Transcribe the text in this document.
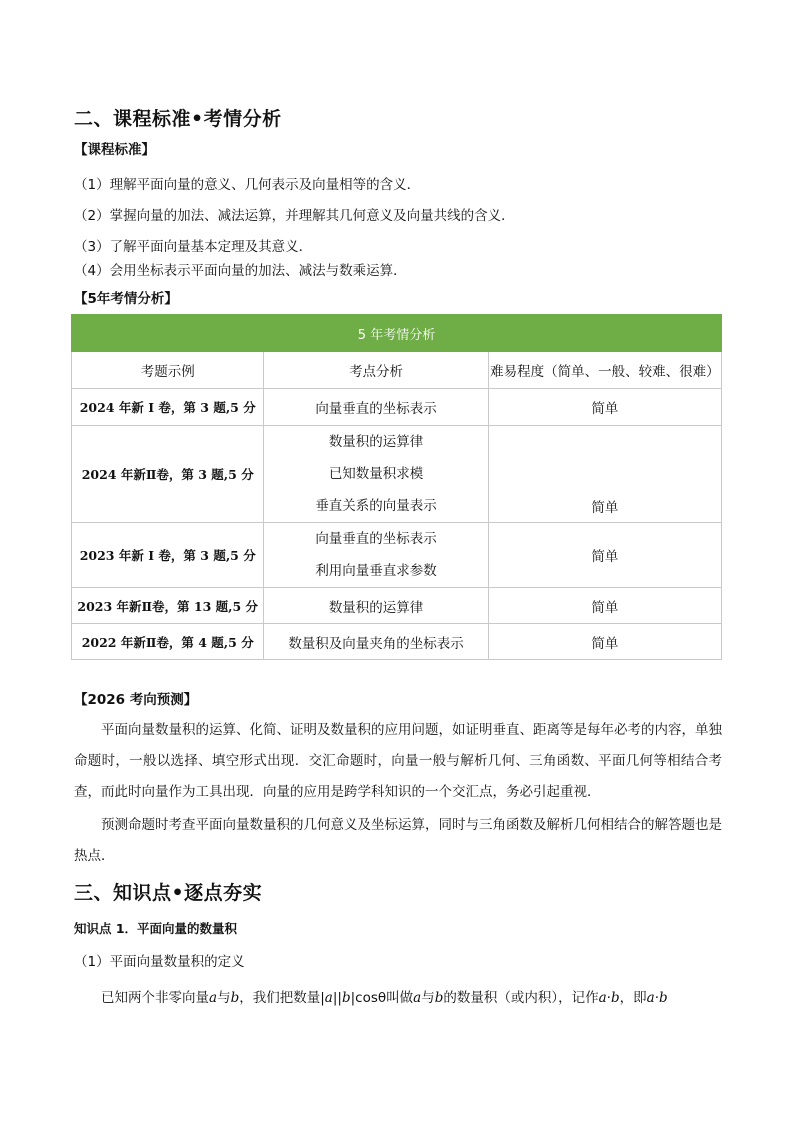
二、课程标准•考情分析
【课程标准】
（1）理解平面向量的意义、几何表示及向量相等的含义．
（2）掌握向量的加法、减法运算，并理解其几何意义及向量共线的含义．
（3）了解平面向量基本定理及其意义．
（4）会用坐标表示平面向量的加法、减法与数乘运算．
【5年考情分析】
5 年考情分析		
考题示例	考点分析	难易程度（简单、一般、较难、很难）
2024 年新 I 卷，第 3 题,5 分	向量垂直的坐标表示	简单
2024 年新Ⅱ卷，第 3 题,5 分	数量积的运算律
已知数量积求模
垂直关系的向量表示	简单
2023 年新 I 卷，第 3 题,5 分	向量垂直的坐标表示
利用向量垂直求参数	简单
2023 年新Ⅱ卷，第 13 题,5 分	数量积的运算律	简单
2022 年新Ⅱ卷，第 4 题,5 分	数量积及向量夹角的坐标表示	简单
【2026 考向预测】
平面向量数量积的运算、化简、证明及数量积的应用问题，如证明垂直、距离等是每年必考的内容，单独命题时，一般以选择、填空形式出现．交汇命题时，向量一般与解析几何、三角函数、平面几何等相结合考查，而此时向量作为工具出现．向量的应用是跨学科知识的一个交汇点，务必引起重视．
预测命题时考查平面向量数量积的几何意义及坐标运算，同时与三角函数及解析几何相结合的解答题也是热点．
三、知识点•逐点夯实
知识点 1．平面向量的数量积
（1）平面向量数量积的定义
已知两个非零向量a与b，我们把数量|a||b|cosθ叫做a与b的数量积（或内积），记作a·b，即a·b
